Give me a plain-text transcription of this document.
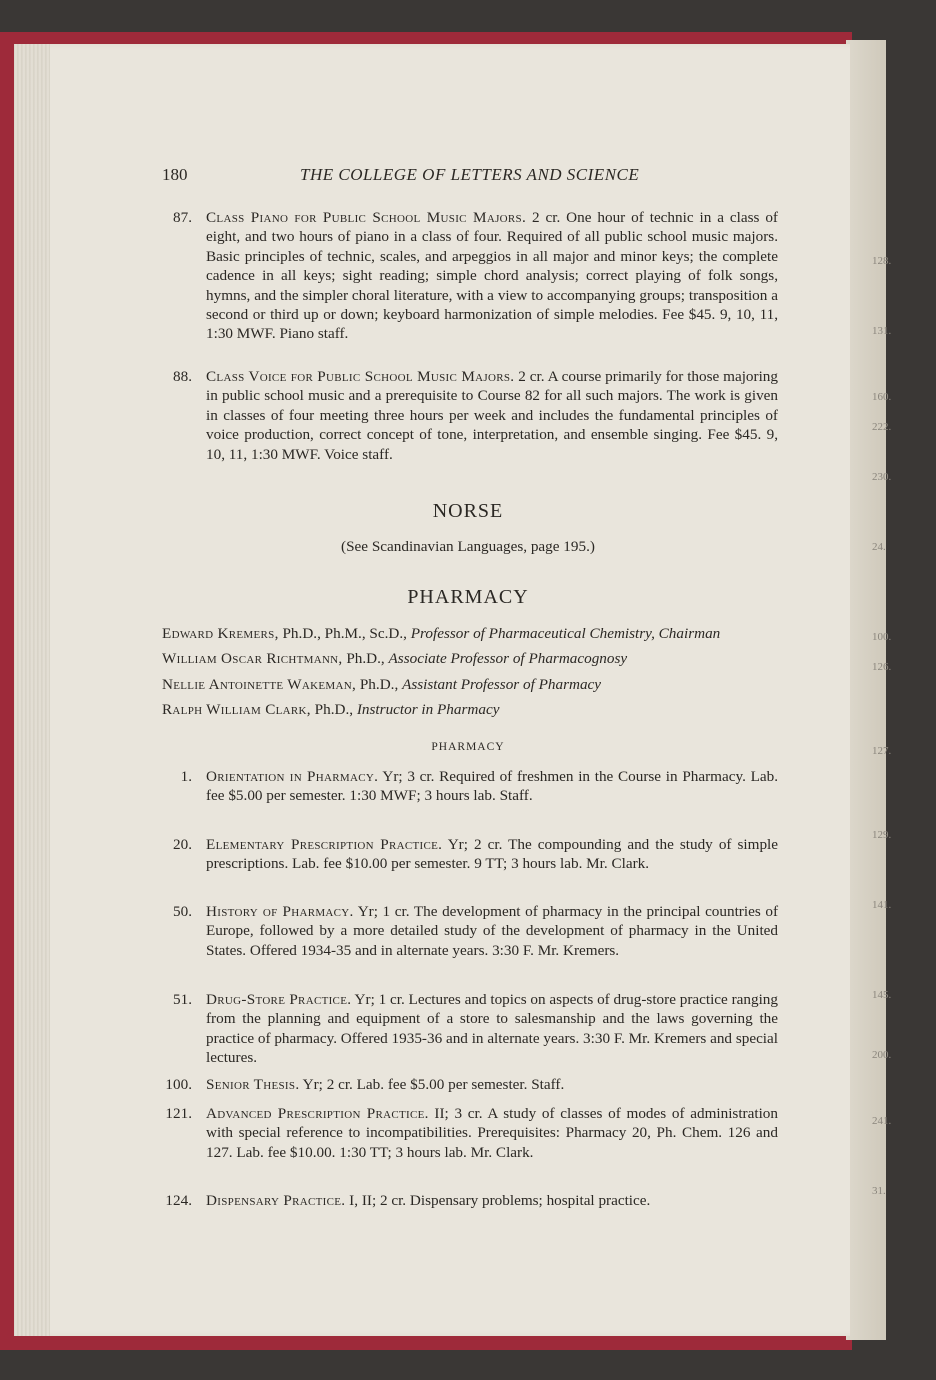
128.
131.
160.
222.
230.
24.
100.
126.
127.
129.
141.
145.
200.
241.
31.
180	THE COLLEGE OF LETTERS AND SCIENCE
87. Class Piano for Public School Music Majors. 2 cr. One hour of technic in a class of eight, and two hours of piano in a class of four. Required of all public school music majors. Basic principles of technic, scales, and arpeggios in all major and minor keys; the complete cadence in all keys; sight reading; simple chord analysis; correct playing of folk songs, hymns, and the simpler choral literature, with a view to accompanying groups; transposition a second or third up or down; keyboard harmonization of simple melodies. Fee $45. 9, 10, 11, 1:30 MWF. Piano staff.
88. Class Voice for Public School Music Majors. 2 cr. A course primarily for those majoring in public school music and a prerequisite to Course 82 for all such majors. The work is given in classes of four meeting three hours per week and includes the fundamental principles of voice production, correct concept of tone, interpretation, and ensemble singing. Fee $45. 9, 10, 11, 1:30 MWF. Voice staff.
NORSE
(See Scandinavian Languages, page 195.)
PHARMACY
Edward Kremers, Ph.D., Ph.M., Sc.D., Professor of Pharmaceutical Chemistry, Chairman
William Oscar Richtmann, Ph.D., Associate Professor of Pharmacognosy
Nellie Antoinette Wakeman, Ph.D., Assistant Professor of Pharmacy
Ralph William Clark, Ph.D., Instructor in Pharmacy
PHARMACY
1. Orientation in Pharmacy. Yr; 3 cr. Required of freshmen in the Course in Pharmacy. Lab. fee $5.00 per semester. 1:30 MWF; 3 hours lab. Staff.
20. Elementary Prescription Practice. Yr; 2 cr. The compounding and the study of simple prescriptions. Lab. fee $10.00 per semester. 9 TT; 3 hours lab. Mr. Clark.
50. History of Pharmacy. Yr; 1 cr. The development of pharmacy in the principal countries of Europe, followed by a more detailed study of the development of pharmacy in the United States. Offered 1934-35 and in alternate years. 3:30 F. Mr. Kremers.
51. Drug-Store Practice. Yr; 1 cr. Lectures and topics on aspects of drug-store practice ranging from the planning and equipment of a store to salesmanship and the laws governing the practice of pharmacy. Offered 1935-36 and in alternate years. 3:30 F. Mr. Kremers and special lectures.
100. Senior Thesis. Yr; 2 cr. Lab. fee $5.00 per semester. Staff.
121. Advanced Prescription Practice. II; 3 cr. A study of classes of modes of administration with special reference to incompatibilities. Prerequisites: Pharmacy 20, Ph. Chem. 126 and 127. Lab. fee $10.00. 1:30 TT; 3 hours lab. Mr. Clark.
124. Dispensary Practice. I, II; 2 cr. Dispensary problems; hospital practice.
